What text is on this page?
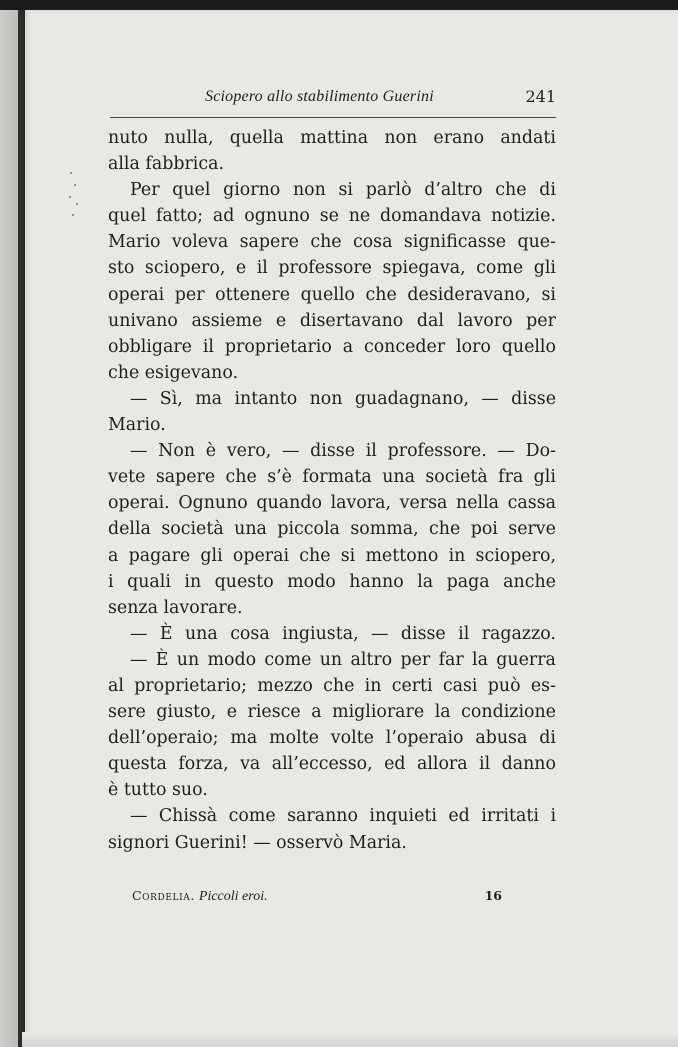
Sciopero allo stabilimento Guerini	241
nuto nulla, quella mattina non erano andati
alla fabbrica.
Per quel giorno non si parlò d’altro che di
quel fatto; ad ognuno se ne domandava notizie.
Mario voleva sapere che cosa significasse que-
sto sciopero, e il professore spiegava, come gli
operai per ottenere quello che desideravano, si
univano assieme e disertavano dal lavoro per
obbligare il proprietario a conceder loro quello
che esigevano.
— Sì, ma intanto non guadagnano, — disse
Mario.
— Non è vero, — disse il professore. — Do-
vete sapere che s’è formata una società fra gli
operai. Ognuno quando lavora, versa nella cassa
della società una piccola somma, che poi serve
a pagare gli operai che si mettono in sciopero,
i quali in questo modo hanno la paga anche
senza lavorare.
— È una cosa ingiusta, — disse il ragazzo.
— È un modo come un altro per far la guerra
al proprietario; mezzo che in certi casi può es-
sere giusto, e riesce a migliorare la condizione
dell’operaio; ma molte volte l’operaio abusa di
questa forza, va all’eccesso, ed allora il danno
è tutto suo.
— Chissà come saranno inquieti ed irritati i
signori Guerini! — osservò Maria.
Cordelia. Piccoli eroi.	16
